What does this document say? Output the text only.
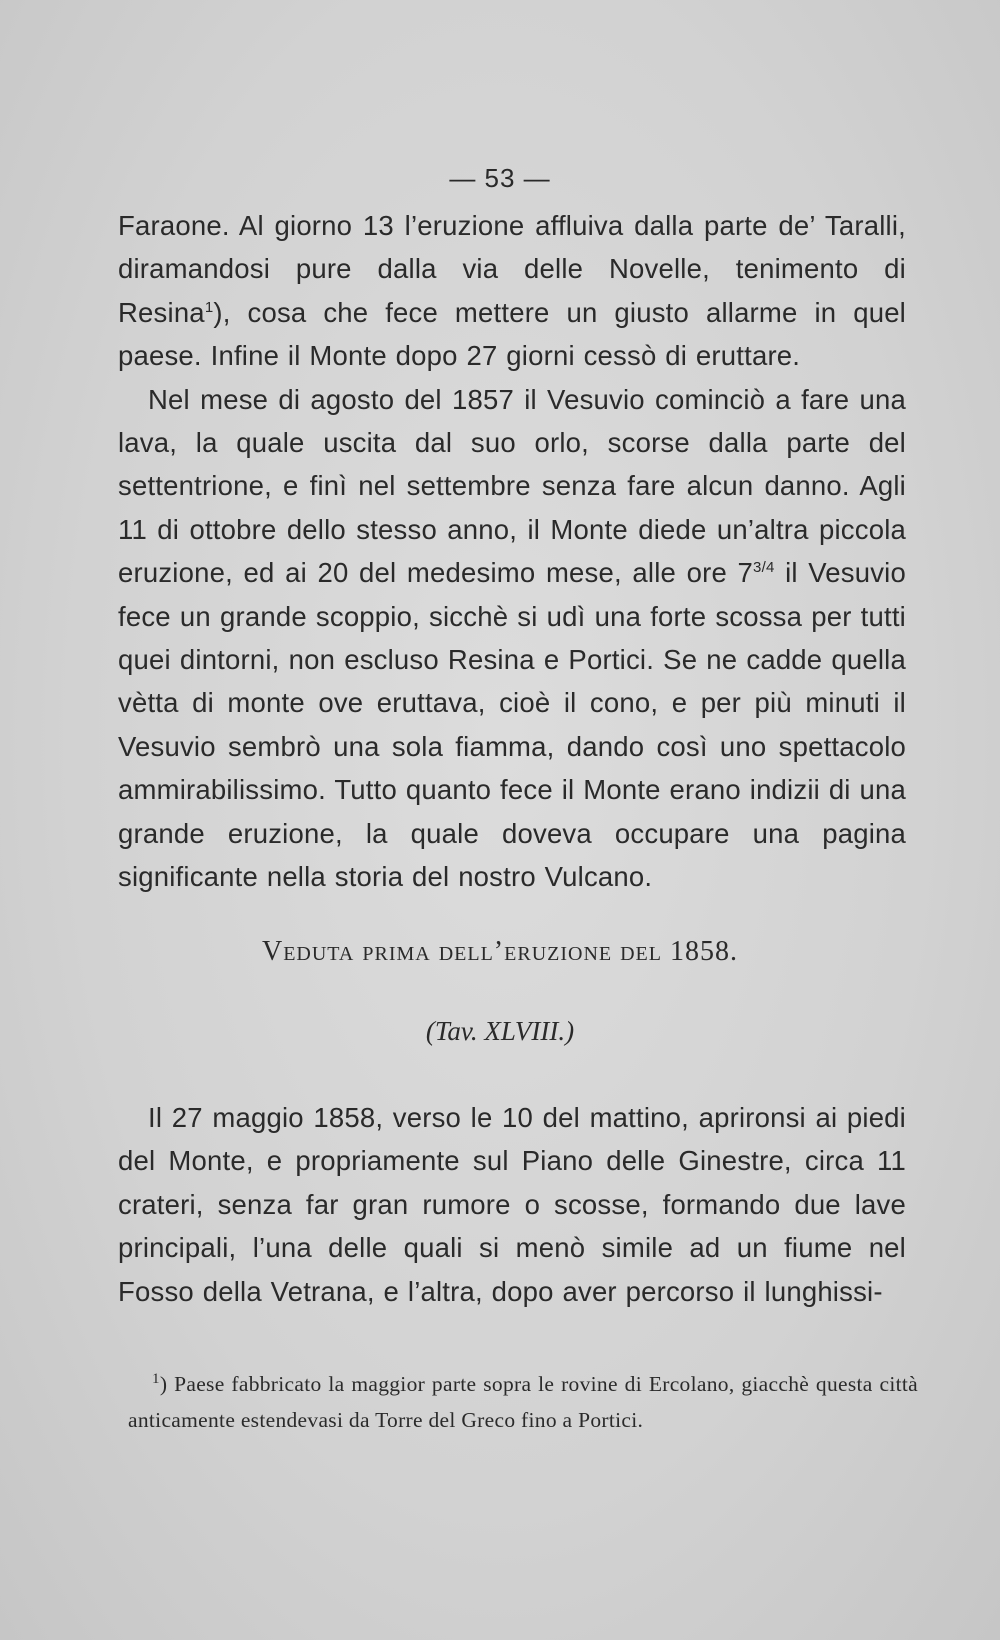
— 53 —

Faraone. Al giorno 13 l’eruzione affluiva dalla parte de’ Taralli, diramandosi pure dalla via delle Novelle, tenimento di Resina$^1$), cosa che fece mettere un giusto allarme in quel paese. Infine il Monte dopo 27 giorni cessò di eruttare.

Nel mese di agosto del 1857 il Vesuvio cominciò a fare una lava, la quale uscita dal suo orlo, scorse dalla parte del settentrione, e finì nel settembre senza fare alcun danno. Agli 11 di ottobre dello stesso anno, il Monte diede un’altra piccola eruzione, ed ai 20 del medesimo mese, alle ore $7^{3/4}$ il Vesuvio fece un grande scoppio, sicchè si udì una forte scossa per tutti quei dintorni, non escluso Resina e Portici. Se ne cadde quella vètta di monte ove eruttava, cioè il cono, e per più minuti il Vesuvio sembrò una sola fiamma, dando così uno spettacolo ammirabilissimo. Tutto quanto fece il Monte erano indizii di una grande eruzione, la quale doveva occupare una pagina significante nella storia del nostro Vulcano.

Veduta prima dell’eruzione del 1858.
(Tav. XLVIII.)

Il 27 maggio 1858, verso le 10 del mattino, aprironsi ai piedi del Monte, e propriamente sul Piano delle Ginestre, circa 11 crateri, senza far gran rumore o scosse, formando due lave principali, l’una delle quali si menò simile ad un fiume nel Fosso della Vetrana, e l’altra, dopo aver percorso il lunghissi-

$^1$) Paese fabbricato la maggior parte sopra le rovine di Ercolano, giacchè questa città anticamente estendevasi da Torre del Greco fino a Portici.
